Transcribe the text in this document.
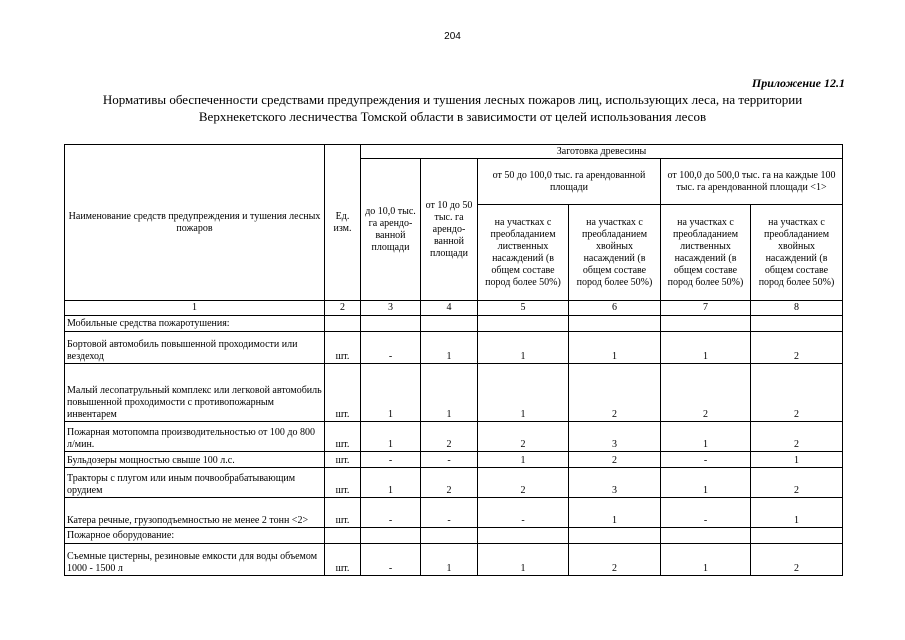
204
Приложение 12.1
Нормативы обеспеченности средствами предупреждения и тушения лесных пожаров лиц, использующих леса, на территории Верхнекетского лесничества Томской области в зависимости от целей использования лесов
Наименование средств предупреждения и тушения лесных пожаров	Ед. изм.	Заготовка древесины					
		до 10,0 тыс. га арендо-ванной площади	от 10 до 50 тыс. га арендо-ванной площади	от 50 до 100,0 тыс. га арендованной площади		от 100,0 до 500,0 тыс. га на каждые 100 тыс. га арендованной площади <1>	
				на участках с преобладанием лиственных насаждений (в общем составе пород более 50%)	на участках с преобладанием хвойных насаждений (в общем составе пород более 50%)	на участках с преобладанием лиственных насаждений (в общем составе пород более 50%)	на участках с преобладанием хвойных насаждений (в общем составе пород более 50%)

1	2	3	4	5	6	7	8
Мобильные средства пожаротушения:							
Бортовой автомобиль повышенной проходимости или вездеход	шт.	-	1	1	1	1	2
Малый лесопатрульный комплекс или легковой автомобиль повышенной проходимости с противопожарным инвентарем	шт.	1	1	1	2	2	2
Пожарная мотопомпа производительностью от 100 до 800 л/мин.	шт.	1	2	2	3	1	2
Бульдозеры мощностью свыше 100 л.с.	шт.	-	-	1	2	-	1
Тракторы с плугом или иным почвообрабатывающим орудием	шт.	1	2	2	3	1	2
Катера речные, грузоподъемностью не менее 2 тонн <2>	шт.	-	-	-	1	-	1
Пожарное оборудование:							
Съемные цистерны, резиновые емкости для воды объемом 1000 - 1500 л	шт.	-	1	1	2	1	2
